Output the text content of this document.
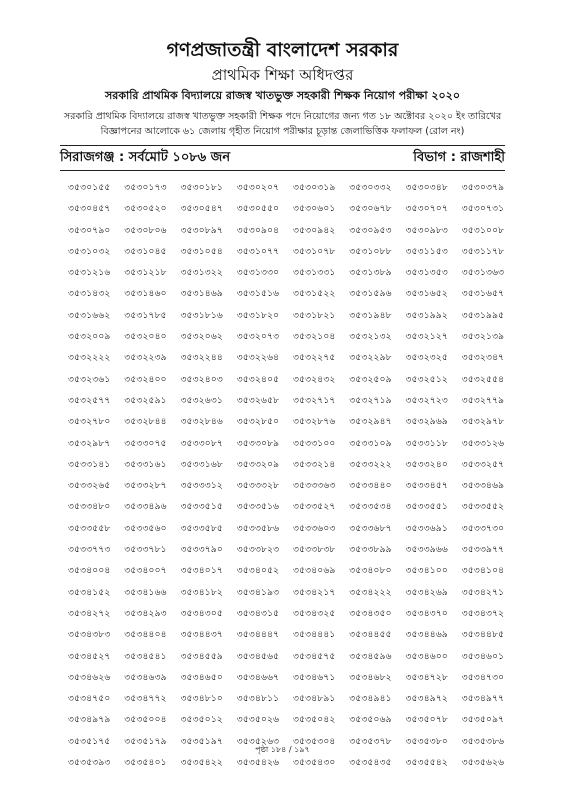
গণপ্রজাতন্ত্রী বাংলাদেশ সরকার
প্রাথমিক শিক্ষা অধিদপ্তর
সরকারি প্রাথমিক বিদ্যালয়ে রাজস্ব খাতভুক্ত সহকারী শিক্ষক নিয়োগ পরীক্ষা ২০২০
সরকারি প্রাথমিক বিদ্যালয়ে রাজস্ব খাতভুক্ত সহকারী শিক্ষক পদে নিয়োগের জন্য গত ১৮ অক্টোবর ২০২০ ইং তারিখের
বিজ্ঞাপনের আলোকে ৬১ জেলায় গৃহীত নিয়োগ পরীক্ষার চূড়ান্ত জেলাভিত্তিক ফলাফল (রোল নং)
সিরাজগঞ্জ : সর্বমোট ১০৮৬ জন	বিভাগ : রাজশাহী
৩৫৩০১৫৫	৩৫৩০১৭৩	৩৫৩০১৮১	৩৫৩০২০৭	৩৫৩০৩১৯	৩৫৩০৩৩২	৩৫৩০৩৪৮	৩৫৩০৩৭৯
৩৫৩০৪৫৭	৩৫৩০৫২০	৩৫৩০৫৪৭	৩৫৩০৫৫০	৩৫৩০৬০১	৩৫৩০৬৭৮	৩৫৩০৭০৭	৩৫৩০৭৩১
৩৫৩০৭৯০	৩৫৩০৮০৬	৩৫৩০৮৯৭	৩৫৩০৯০৪	৩৫৩০৯৪২	৩৫৩০৯৫৩	৩৫৩০৯৮৩	৩৫৩১০০৮
৩৫৩১০৩২	৩৫৩১০৪৫	৩৫৩১০৫৪	৩৫৩১০৭৭	৩৫৩১০৭৮	৩৫৩১০৮৮	৩৫৩১১৫৩	৩৫৩১১৭৮
৩৫৩১২১৬	৩৫৩১২১৮	৩৫৩১৩২২	৩৫৩১৩৩০	৩৫৩১৩৩১	৩৫৩১৩৮৯	৩৫৩১৩৫৩	৩৫৩১৩৬৩
৩৫৩১৪৩২	৩৫৩১৪৬০	৩৫৩১৪৬৯	৩৫৩১৫১৬	৩৫৩১৫২২	৩৫৩১৫৯৬	৩৫৩১৬৫২	৩৫৩১৬৫৭
৩৫৩১৬৬২	৩৫৩১৭৮৫	৩৫৩১৮১৬	৩৫৩১৮২০	৩৫৩১৮২১	৩৫৩১৯৪৮	৩৫৩১৯৯২	৩৫৩১৯৯৫
৩৫৩২০০৯	৩৫৩২০৪০	৩৫৩২০৬২	৩৫৩২০৭৩	৩৫৩২১০৪	৩৫৩২১৩২	৩৫৩২১২৭	৩৫৩২১৩৯
৩৫৩২২২২	৩৫৩২২৩৯	৩৫৩২২৪৪	৩৫৩২২৬৪	৩৫৩২২৭৫	৩৫৩২২৯৮	৩৫৩২৩২৫	৩৫৩২৩৪৭
৩৫৩২৩৬১	৩৫৩২৪০০	৩৫৩২৪০৩	৩৫৩২৪০৫	৩৫৩২৪৩২	৩৫৩২৫০৯	৩৫৩২৫১২	৩৫৩২৫৫৪
৩৫৩২৫৭৭	৩৫৩২৫৯১	৩৫৩২৬৩১	৩৫৩২৬৫৮	৩৫৩২৭১৭	৩৫৩২৭১৯	৩৫৩২৭২৩	৩৫৩২৭৭৯
৩৫৩২৭৮০	৩৫৩২৮৪৪	৩৫৩২৮৪৬	৩৫৩২৮৫০	৩৫৩২৮৭৬	৩৫৩২৯৪৭	৩৫৩২৯৬৯	৩৫৩২৯৭৮
৩৫৩২৯৮৭	৩৫৩৩০৭৫	৩৫৩৩০৮৭	৩৫৩৩০৮৯	৩৫৩৩১০০	৩৫৩৩১০৯	৩৫৩৩১১৮	৩৫৩৩১২৬
৩৫৩৩১৪১	৩৫৩৩১৬১	৩৫৩৩১৬৮	৩৫৩৩২০৯	৩৫৩৩২১৪	৩৫৩৩২২২	৩৫৩৩২৪০	৩৫৩৩২৫৭
৩৫৩৩২৬৫	৩৫৩৩২৮৭	৩৫৩৩৩১২	৩৫৩৩৩২৮	৩৫৩৩৩৬৩	৩৫৩৩৪৪০	৩৫৩৩৪৫৭	৩৫৩৩৪৬৯
৩৫৩৩৪৮০	৩৫৩৩৪৯৬	৩৫৩৩৫১৫	৩৫৩৩৫১৬	৩৫৩৩৫২৭	৩৫৩৩৫৩৪	৩৫৩৩৫৫১	৩৫৩৩৫৫২
৩৫৩৩৫৫৮	৩৫৩৩৫৬০	৩৫৩৩৫৮৫	৩৫৩৩৫৮৬	৩৫৩৩৬০৩	৩৫৩৩৬৮৭	৩৫৩৩৬৯১	৩৫৩৩৭৩০
৩৫৩৩৭৭৩	৩৫৩৩৭৮১	৩৫৩৩৭৯০	৩৫৩৩৮২৩	৩৫৩৩৮৩৮	৩৫৩৩৮৯৯	৩৫৩৩৯৬৬	৩৫৩৩৯৭৭
৩৫৩৪০০৪	৩৫৩৪০০৭	৩৫৩৪০১৭	৩৫৩৪০৫২	৩৫৩৪০৬৯	৩৫৩৪০৮০	৩৫৩৪১০০	৩৫৩৪১০৪
৩৫৩৪১৫২	৩৫৩৪১৬৬	৩৫৩৪১৮২	৩৫৩৪১৯৩	৩৫৩৪২১৭	৩৫৩৪২২২	৩৫৩৪২৬৯	৩৫৩৪২৭১
৩৫৩৪২৭২	৩৫৩৪২৯৩	৩৫৩৪৩০৫	৩৫৩৪৩১৫	৩৫৩৪৩২৫	৩৫৩৪৩৫০	৩৫৩৪৩৭০	৩৫৩৪৩৭২
৩৫৩৪৩৮৩	৩৫৩৪৪০৪	৩৫৩৪৪৩৭	৩৫৩৪৪৪৭	৩৫৩৪৪৪১	৩৫৩৪৪৫৫	৩৫৩৪৪৬৯	৩৫৩৪৪৮৫
৩৫৩৪৫২৭	৩৫৩৪৫৪১	৩৫৩৪৫৫৯	৩৫৩৪৫৬৫	৩৫৩৪৫৭৫	৩৫৩৪৫৯৬	৩৫৩৪৬০০	৩৫৩৪৬০১
৩৫৩৪৬২৬	৩৫৩৪৬৩৯	৩৫৩৪৬৫০	৩৫৩৪৬৬৭	৩৫৩৪৬৭১	৩৫৩৪৬৮২	৩৫৩৪৭২৮	৩৫৩৪৭৩০
৩৫৩৪৭৫০	৩৫৩৪৭৭২	৩৫৩৪৮১০	৩৫৩৪৮১১	৩৫৩৪৮৯১	৩৫৩৪৯৪১	৩৫৩৪৯৭২	৩৫৩৪৯৭৭
৩৫৩৪৯৭৯	৩৫৩৫০০৪	৩৫৩৫০১২	৩৫৩৫০২৬	৩৫৩৫০৪২	৩৫৩৫০৬৯	৩৫৩৫০৭৮	৩৫৩৫০৯৭
৩৫৩৫১৭৫	৩৫৩৫১৭৯	৩৫৩৫১৯৭	৩৫৩৫২৬৩	৩৫৩৫৩০৪	৩৫৩৫৩৭৮	৩৫৩৫৩৮০	৩৫৩৫৩৮৬
৩৫৩৫৩৯৩	৩৫৩৫৪০১	৩৫৩৫৪২২	৩৫৩৫৪২৬	৩৫৩৫৪৩০	৩৫৩৫৪৩৫	৩৫৩৫৫৪২	৩৫৩৫৬২৬
পৃষ্ঠা ১৮৪ / ১৯৭
